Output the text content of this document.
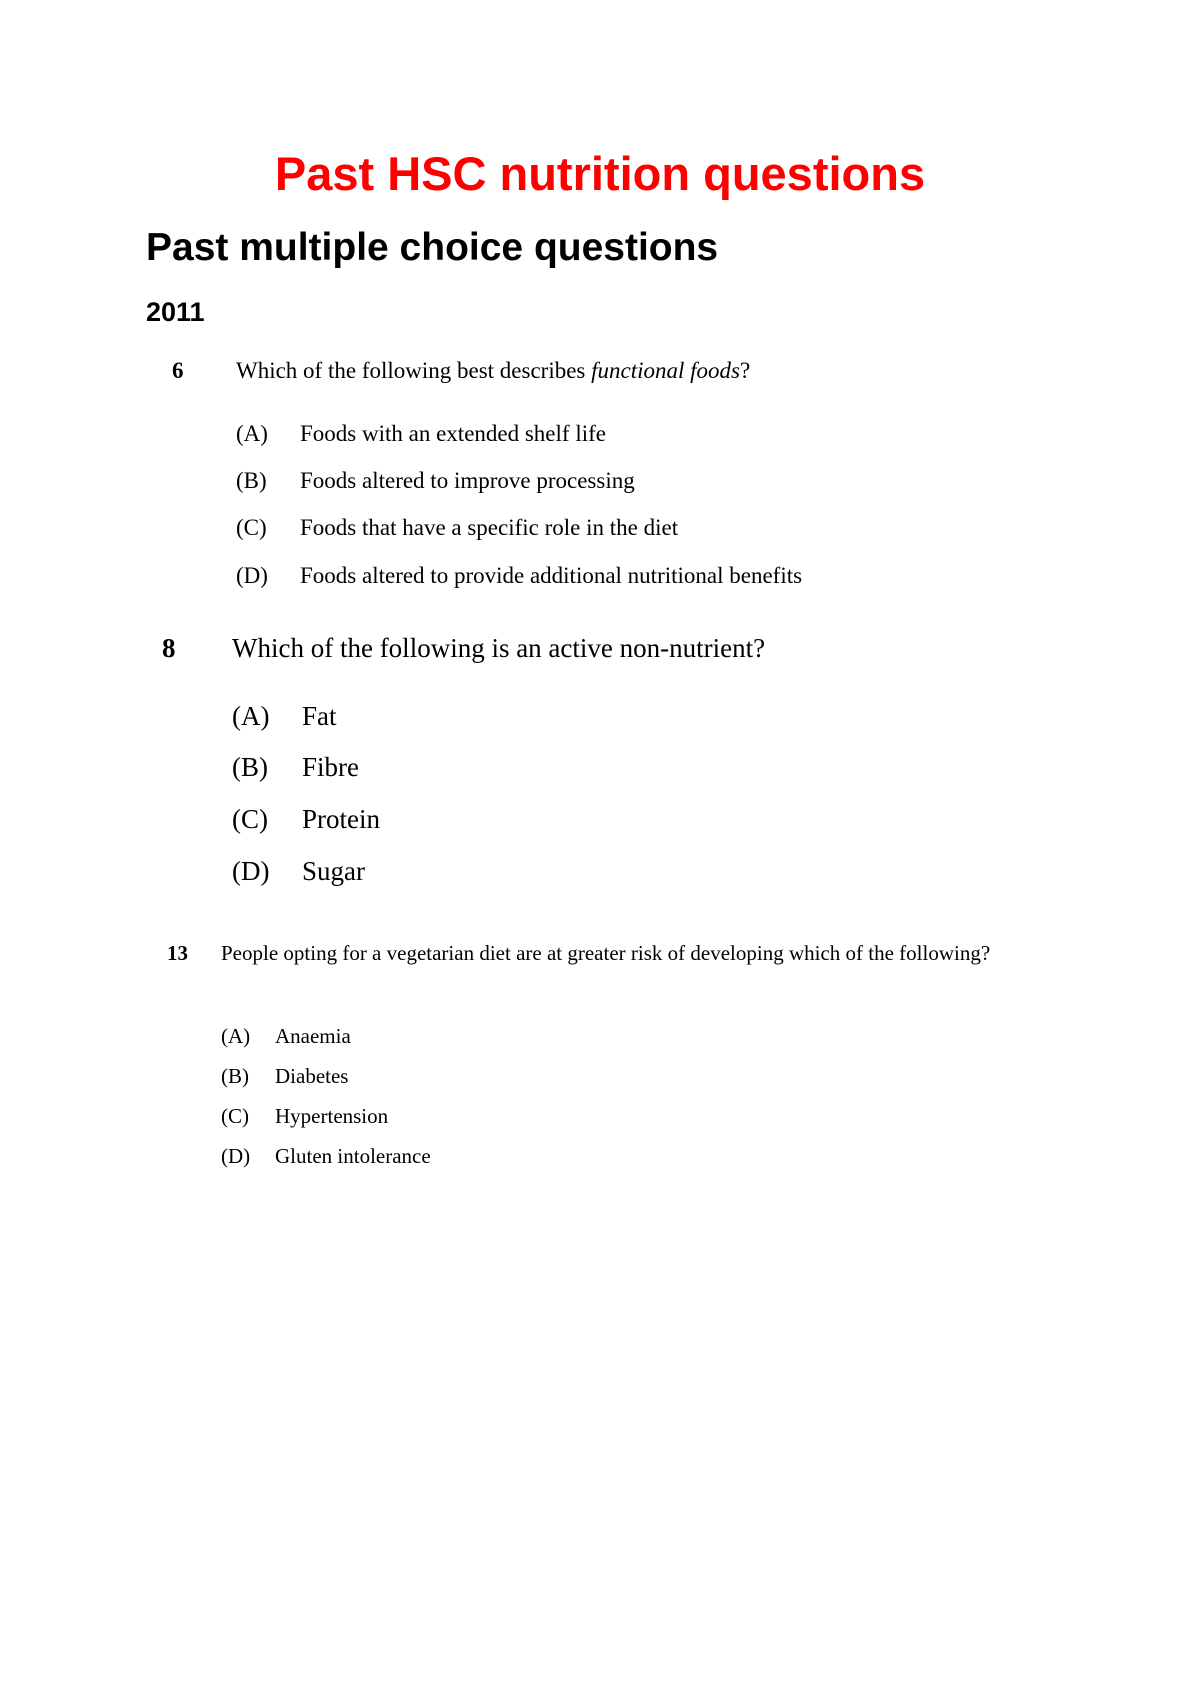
Past HSC nutrition questions
Past multiple choice questions
2011
6 Which of the following best describes functional foods?
(A) Foods with an extended shelf life
(B) Foods altered to improve processing
(C) Foods that have a specific role in the diet
(D) Foods altered to provide additional nutritional benefits
8 Which of the following is an active non-nutrient?
(A) Fat
(B) Fibre
(C) Protein
(D) Sugar
13 People opting for a vegetarian diet are at greater risk of developing which of the following?
(A) Anaemia
(B) Diabetes
(C) Hypertension
(D) Gluten intolerance
